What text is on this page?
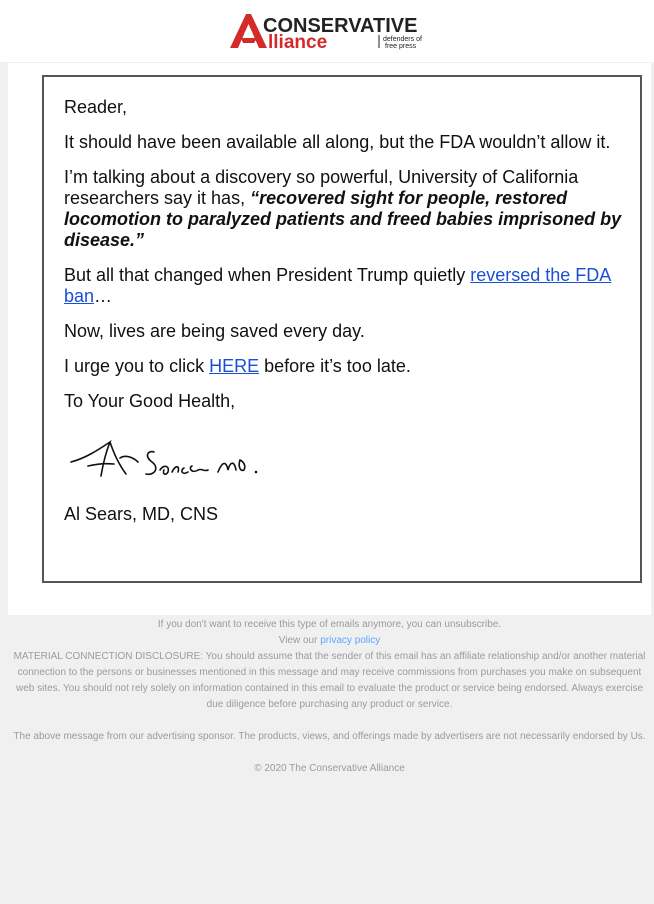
CONSERVATIVE
lliance	defenders of
free press

Reader,

It should have been available all along, but the FDA wouldn’t allow it.

I’m talking about a discovery so powerful, University of California researchers say it has, “recovered sight for people, restored locomotion to paralyzed patients and freed babies imprisoned by disease.”

But all that changed when President Trump quietly reversed the FDA ban…

Now, lives are being saved every day.

I urge you to click HERE before it’s too late.

To Your Good Health,

Al Sears, MD, CNS

If you don't want to receive this type of emails anymore, you can unsubscribe.
View our privacy policy
MATERIAL CONNECTION DISCLOSURE: You should assume that the sender of this email has an affiliate relationship and/or another material connection to the persons or businesses mentioned in this message and may receive commissions from purchases you make on subsequent web sites. You should not rely solely on information contained in this email to evaluate the product or service being endorsed. Always exercise due diligence before purchasing any product or service.
The above message from our advertising sponsor. The products, views, and offerings made by advertisers are not necessarily endorsed by Us.
© 2020 The Conservative Alliance
